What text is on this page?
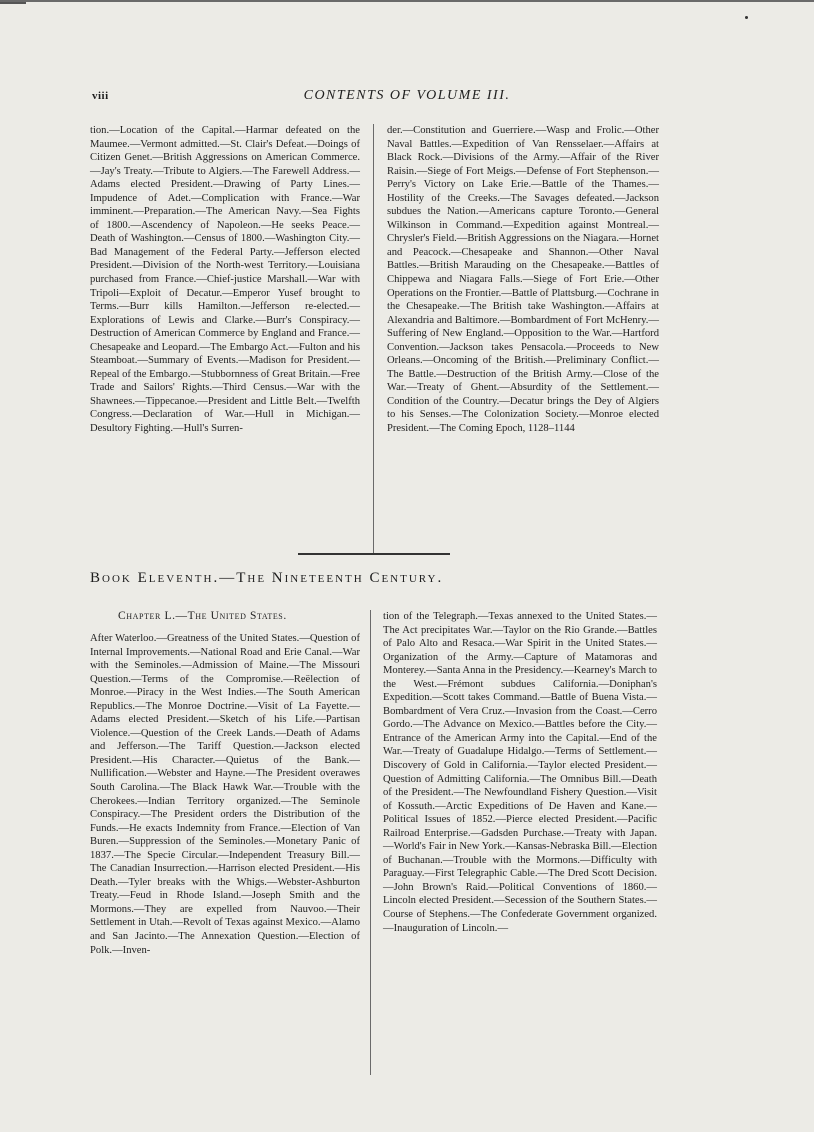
viii	CONTENTS OF VOLUME III.
tion.—Location of the Capital.—Harmar defeated on the Maumee.—Vermont admitted.—St. Clair's Defeat.—Doings of Citizen Genet.—British Aggressions on American Commerce.—Jay's Treaty.—Tribute to Algiers.—The Farewell Address.—Adams elected President.—Drawing of Party Lines.—Impudence of Adet.—Complication with France.—War imminent.—Preparation.—The American Navy.—Sea Fights of 1800.—Ascendency of Napoleon.—He seeks Peace.—Death of Washington.—Census of 1800.—Washington City.—Bad Management of the Federal Party.—Jefferson elected President.—Division of the North-west Territory.—Louisiana purchased from France.—Chief-justice Marshall.—War with Tripoli—Exploit of Decatur.—Emperor Yusef brought to Terms.—Burr kills Hamilton.—Jefferson re-elected.—Explorations of Lewis and Clarke.—Burr's Conspiracy.—Destruction of American Commerce by England and France.—Chesapeake and Leopard.—The Embargo Act.—Fulton and his Steamboat.—Summary of Events.—Madison for President.—Repeal of the Embargo.—Stubbornness of Great Britain.—Free Trade and Sailors' Rights.—Third Census.—War with the Shawnees.—Tippecanoe.—President and Little Belt.—Twelfth Congress.—Declaration of War.—Hull in Michigan.—Desultory Fighting.—Hull's Surren-
der.—Constitution and Guerriere.—Wasp and Frolic.—Other Naval Battles.—Expedition of Van Rensselaer.—Affairs at Black Rock.—Divisions of the Army.—Affair of the River Raisin.—Siege of Fort Meigs.—Defense of Fort Stephenson.—Perry's Victory on Lake Erie.—Battle of the Thames.—Hostility of the Creeks.—The Savages defeated.—Jackson subdues the Nation.—Americans capture Toronto.—General Wilkinson in Command.—Expedition against Montreal.—Chrysler's Field.—British Aggressions on the Niagara.—Hornet and Peacock.—Chesapeake and Shannon.—Other Naval Battles.—British Marauding on the Chesapeake.—Battles of Chippewa and Niagara Falls.—Siege of Fort Erie.—Other Operations on the Frontier.—Battle of Plattsburg.—Cochrane in the Chesapeake.—The British take Washington.—Affairs at Alexandria and Baltimore.—Bombardment of Fort McHenry.—Suffering of New England.—Opposition to the War.—Hartford Convention.—Jackson takes Pensacola.—Proceeds to New Orleans.—Oncoming of the British.—Preliminary Conflict.—The Battle.—Destruction of the British Army.—Close of the War.—Treaty of Ghent.—Absurdity of the Settlement.—Condition of the Country.—Decatur brings the Dey of Algiers to his Senses.—The Colonization Society.—Monroe elected President.—The Coming Epoch, 1128–1144
Book Eleventh.—The Nineteenth Century.
Chapter L.—The United States.
After Waterloo.—Greatness of the United States.—Question of Internal Improvements.—National Road and Erie Canal.—War with the Seminoles.—Admission of Maine.—The Missouri Question.—Terms of the Compromise.—Reëlection of Monroe.—Piracy in the West Indies.—The South American Republics.—The Monroe Doctrine.—Visit of La Fayette.—Adams elected President.—Sketch of his Life.—Partisan Violence.—Question of the Creek Lands.—Death of Adams and Jefferson.—The Tariff Question.—Jackson elected President.—His Character.—Quietus of the Bank.—Nullification.—Webster and Hayne.—The President overawes South Carolina.—The Black Hawk War.—Trouble with the Cherokees.—Indian Territory organized.—The Seminole Conspiracy.—The President orders the Distribution of the Funds.—He exacts Indemnity from France.—Election of Van Buren.—Suppression of the Seminoles.—Monetary Panic of 1837.—The Specie Circular.—Independent Treasury Bill.—The Canadian Insurrection.—Harrison elected President.—His Death.—Tyler breaks with the Whigs.—Webster-Ashburton Treaty.—Feud in Rhode Island.—Joseph Smith and the Mormons.—They are expelled from Nauvoo.—Their Settlement in Utah.—Revolt of Texas against Mexico.—Alamo and San Jacinto.—The Annexation Question.—Election of Polk.—Inven-
tion of the Telegraph.—Texas annexed to the United States.—The Act precipitates War.—Taylor on the Rio Grande.—Battles of Palo Alto and Resaca.—War Spirit in the United States.—Organization of the Army.—Capture of Matamoras and Monterey.—Santa Anna in the Presidency.—Kearney's March to the West.—Frémont subdues California.—Doniphan's Expedition.—Scott takes Command.—Battle of Buena Vista.—Bombardment of Vera Cruz.—Invasion from the Coast.—Cerro Gordo.—The Advance on Mexico.—Battles before the City.—Entrance of the American Army into the Capital.—End of the War.—Treaty of Guadalupe Hidalgo.—Terms of Settlement.—Discovery of Gold in California.—Taylor elected President.—Question of Admitting California.—The Omnibus Bill.—Death of the President.—The Newfoundland Fishery Question.—Visit of Kossuth.—Arctic Expeditions of De Haven and Kane.—Political Issues of 1852.—Pierce elected President.—Pacific Railroad Enterprise.—Gadsden Purchase.—Treaty with Japan.—World's Fair in New York.—Kansas-Nebraska Bill.—Election of Buchanan.—Trouble with the Mormons.—Difficulty with Paraguay.—First Telegraphic Cable.—The Dred Scott Decision.—John Brown's Raid.—Political Conventions of 1860.—Lincoln elected President.—Secession of the Southern States.—Course of Stephens.—The Confederate Government organized.—Inauguration of Lincoln.—
